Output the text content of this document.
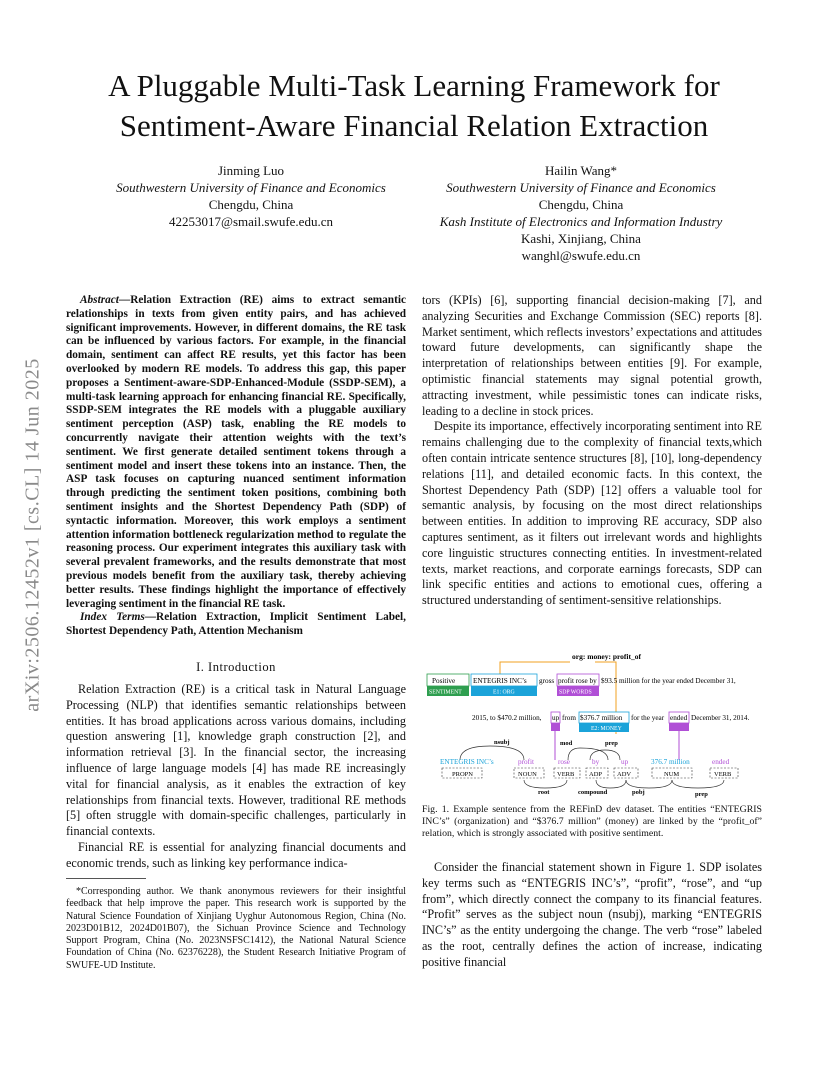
A Pluggable Multi-Task Learning Framework for Sentiment-Aware Financial Relation Extraction
Jinming Luo
Southwestern University of Finance and Economics
Chengdu, China
42253017@smail.swufe.edu.cn
Hailin Wang*
Southwestern University of Finance and Economics
Chengdu, China
Kash Institute of Electronics and Information Industry
Kashi, Xinjiang, China
wanghl@swufe.edu.cn
arXiv:2506.12452v1 [cs.CL] 14 Jun 2025

Abstract—Relation Extraction (RE) aims to extract semantic relationships in texts from given entity pairs, and has achieved significant improvements. However, in different domains, the RE task can be influenced by various factors. For example, in the financial domain, sentiment can affect RE results, yet this factor has been overlooked by modern RE models. To address this gap, this paper proposes a Sentiment-aware-SDP-Enhanced-Module (SSDP-SEM), a multi-task learning approach for enhancing financial RE. Specifically, SSDP-SEM integrates the RE models with a pluggable auxiliary sentiment perception (ASP) task, enabling the RE models to concurrently navigate their attention weights with the text’s sentiment. We first generate detailed sentiment tokens through a sentiment model and insert these tokens into an instance. Then, the ASP task focuses on capturing nuanced sentiment information through predicting the sentiment token positions, combining both sentiment insights and the Shortest Dependency Path (SDP) of syntactic information. Moreover, this work employs a sentiment attention information bottleneck regularization method to regulate the reasoning process. Our experiment integrates this auxiliary task with several prevalent frameworks, and the results demonstrate that most previous models benefit from the auxiliary task, thereby achieving better results. These findings highlight the importance of effectively leveraging sentiment in the financial RE task.

Index Terms—Relation Extraction, Implicit Sentiment Label, Shortest Dependency Path, Attention Mechanism

I. Introduction

Relation Extraction (RE) is a critical task in Natural Language Processing (NLP) that identifies semantic relationships between entities. It has broad applications across various domains, including question answering [1], knowledge graph construction [2], and information retrieval [3]. In the financial sector, the increasing influence of large language models [4] has made RE increasingly vital for financial analysis, as it enables the extraction of key relationships from financial texts. However, traditional RE methods [5] often struggle with domain-specific challenges, particularly in financial contexts.

Financial RE is essential for analyzing financial documents and economic trends, such as linking key performance indica-

*Corresponding author. We thank anonymous reviewers for their insightful feedback that help improve the paper. This research work is supported by the Natural Science Foundation of Xinjiang Uyghur Autonomous Region, China (No. 2023D01B12, 2024D01B07), the Sichuan Province Science and Technology Support Program, China (No. 2023NSFSC1412), the National Natural Science Foundation of China (No. 62376228), the Student Research Initiative Program of SWUFE-UD Institute.

tors (KPIs) [6], supporting financial decision-making [7], and analyzing Securities and Exchange Commission (SEC) reports [8]. Market sentiment, which reflects investors’ expectations and attitudes toward future developments, can significantly shape the interpretation of relationships between entities [9]. For example, optimistic financial statements may signal potential growth, attracting investment, while pessimistic tones can indicate risks, leading to a decline in stock prices.

Despite its importance, effectively incorporating sentiment into RE remains challenging due to the complexity of financial texts,which often contain intricate sentence structures [8], [10], long-dependency relations [11], and detailed economic facts. In this context, the Shortest Dependency Path (SDP) [12] offers a valuable tool for semantic analysis, by focusing on the most direct relationships between entities. In addition to improving RE accuracy, SDP also captures sentiment, as it filters out irrelevant words and highlights core linguistic structures connecting entities. In investment-related texts, market reactions, and corporate earnings forecasts, SDP can link specific entities and actions to emotional cues, offering a structured understanding of sentiment-sensitive relationships.

org: money: profit_of
Positive
SENTIMENT
ENTEGRIS INC’s
E1: ORG
gross profit rose by
SDP WORDS
$93.5 million for the year ended December 31,
2015, to $470.2 million, up from $376.7 million
E2: MONEY
for the year ended December 31, 2014.
nsubj	mod	prep
ENTEGRIS INC’s	profit	rose	by	up	376.7 million	ended
PROPN	NOUN	VERB ADP ADV	NUM	VERB
root	compound	pobj	prep
Fig. 1. Example sentence from the REFinD dev dataset. The entities “ENTEGRIS INC’s” (organization) and “$376.7 million” (money) are linked by the “profit_of” relation, which is strongly associated with positive sentiment.

Consider the financial statement shown in Figure 1. SDP isolates key terms such as “ENTEGRIS INC’s”, “profit”, “rose”, and “up from”, which directly connect the company to its financial features. “Profit” serves as the subject noun (nsubj), marking “ENTEGRIS INC’s” as the entity undergoing the change. The verb “rose” labeled as the root, centrally defines the action of increase, indicating positive financial
